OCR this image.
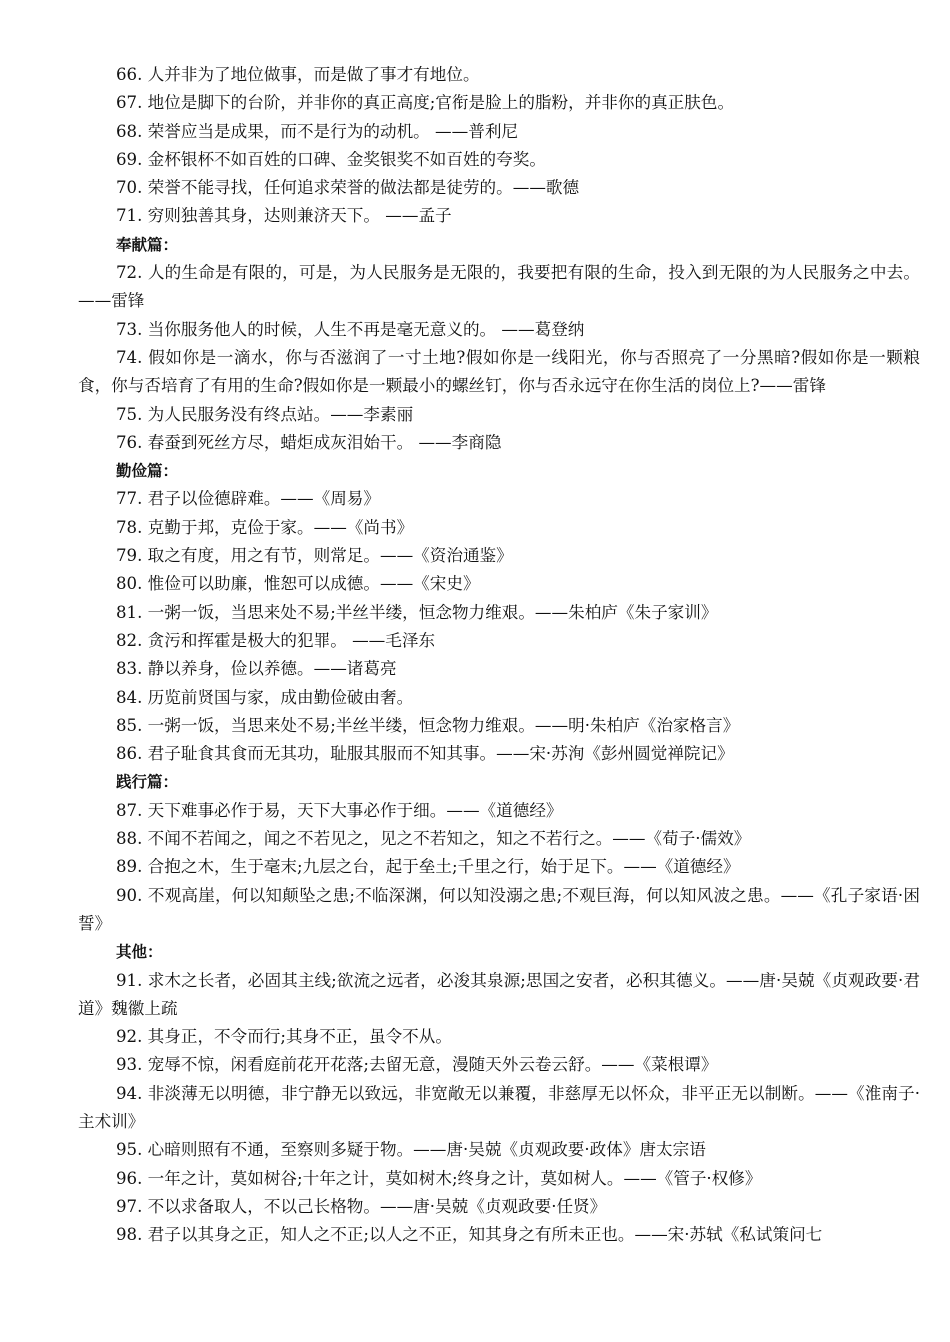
66. 人并非为了地位做事，而是做了事才有地位。

67. 地位是脚下的台阶，并非你的真正高度;官衔是脸上的脂粉，并非你的真正肤色。

68. 荣誉应当是成果，而不是行为的动机。 ——普利尼

69. 金杯银杯不如百姓的口碑、金奖银奖不如百姓的夸奖。

70. 荣誉不能寻找，任何追求荣誉的做法都是徒劳的。——歌德

71. 穷则独善其身，达则兼济天下。 ——孟子

奉献篇：

72. 人的生命是有限的，可是，为人民服务是无限的，我要把有限的生命，投入到无限的为人民服务之中去。——雷锋

73. 当你服务他人的时候，人生不再是毫无意义的。 ——葛登纳

74. 假如你是一滴水，你与否滋润了一寸土地?假如你是一线阳光，你与否照亮了一分黑暗?假如你是一颗粮食，你与否培育了有用的生命?假如你是一颗最小的螺丝钉，你与否永远守在你生活的岗位上?——雷锋

75. 为人民服务没有终点站。——李素丽

76. 春蚕到死丝方尽，蜡炬成灰泪始干。 ——李商隐

勤俭篇：

77. 君子以俭德辟难。——《周易》

78. 克勤于邦，克俭于家。——《尚书》

79. 取之有度，用之有节，则常足。——《资治通鉴》

80. 惟俭可以助廉，惟恕可以成德。——《宋史》

81. 一粥一饭，当思来处不易;半丝半缕，恒念物力维艰。——朱柏庐《朱子家训》

82. 贪污和挥霍是极大的犯罪。 ——毛泽东

83. 静以养身，俭以养德。——诸葛亮

84. 历览前贤国与家，成由勤俭破由奢。

85. 一粥一饭，当思来处不易;半丝半缕，恒念物力维艰。——明·朱柏庐《治家格言》

86. 君子耻食其食而无其功，耻服其服而不知其事。——宋·苏洵《彭州圆觉禅院记》

践行篇：

87. 天下难事必作于易，天下大事必作于细。——《道德经》

88. 不闻不若闻之，闻之不若见之，见之不若知之，知之不若行之。——《荀子·儒效》

89. 合抱之木，生于毫末;九层之台，起于垒土;千里之行，始于足下。——《道德经》

90. 不观高崖，何以知颠坠之患;不临深渊，何以知没溺之患;不观巨海，何以知风波之患。——《孔子家语·困誓》

其他：

91. 求木之长者，必固其主线;欲流之远者，必浚其泉源;思国之安者，必积其德义。——唐·吴兢《贞观政要·君道》魏徽上疏

92. 其身正，不令而行;其身不正，虽令不从。

93. 宠辱不惊，闲看庭前花开花落;去留无意，漫随天外云卷云舒。——《菜根谭》

94. 非淡薄无以明德，非宁静无以致远，非宽敞无以兼覆，非慈厚无以怀众，非平正无以制断。——《淮南子·主术训》

95. 心暗则照有不通，至察则多疑于物。——唐·吴兢《贞观政要·政体》唐太宗语

96. 一年之计，莫如树谷;十年之计，莫如树木;终身之计，莫如树人。——《管子·权修》

97. 不以求备取人，不以己长格物。——唐·吴兢《贞观政要·任贤》

98. 君子以其身之正，知人之不正;以人之不正，知其身之有所未正也。——宋·苏轼《私试策问七
